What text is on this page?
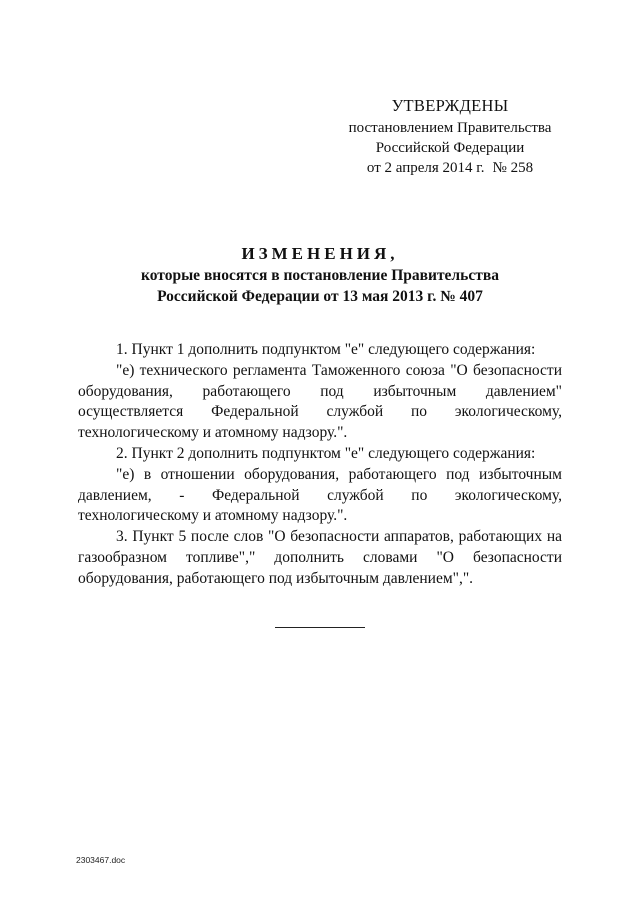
УТВЕРЖДЕНЫ
постановлением Правительства
Российской Федерации
от 2 апреля 2014 г. № 258
ИЗМЕНЕНИЯ,
которые вносятся в постановление Правительства
Российской Федерации от 13 мая 2013 г. № 407

1. Пункт 1 дополнить подпунктом "е" следующего содержания:

"е) технического регламента Таможенного союза "О безопасности оборудования, работающего под избыточным давлением" осуществляется Федеральной службой по экологическому, технологическому и атомному надзору.".

2. Пункт 2 дополнить подпунктом "е" следующего содержания:

"е) в отношении оборудования, работающего под избыточным давлением, - Федеральной службой по экологическому, технологическому и атомному надзору.".

3. Пункт 5 после слов "О безопасности аппаратов, работающих на газообразном топливе"," дополнить словами "О безопасности оборудования, работающего под избыточным давлением",".

2303467.doc
